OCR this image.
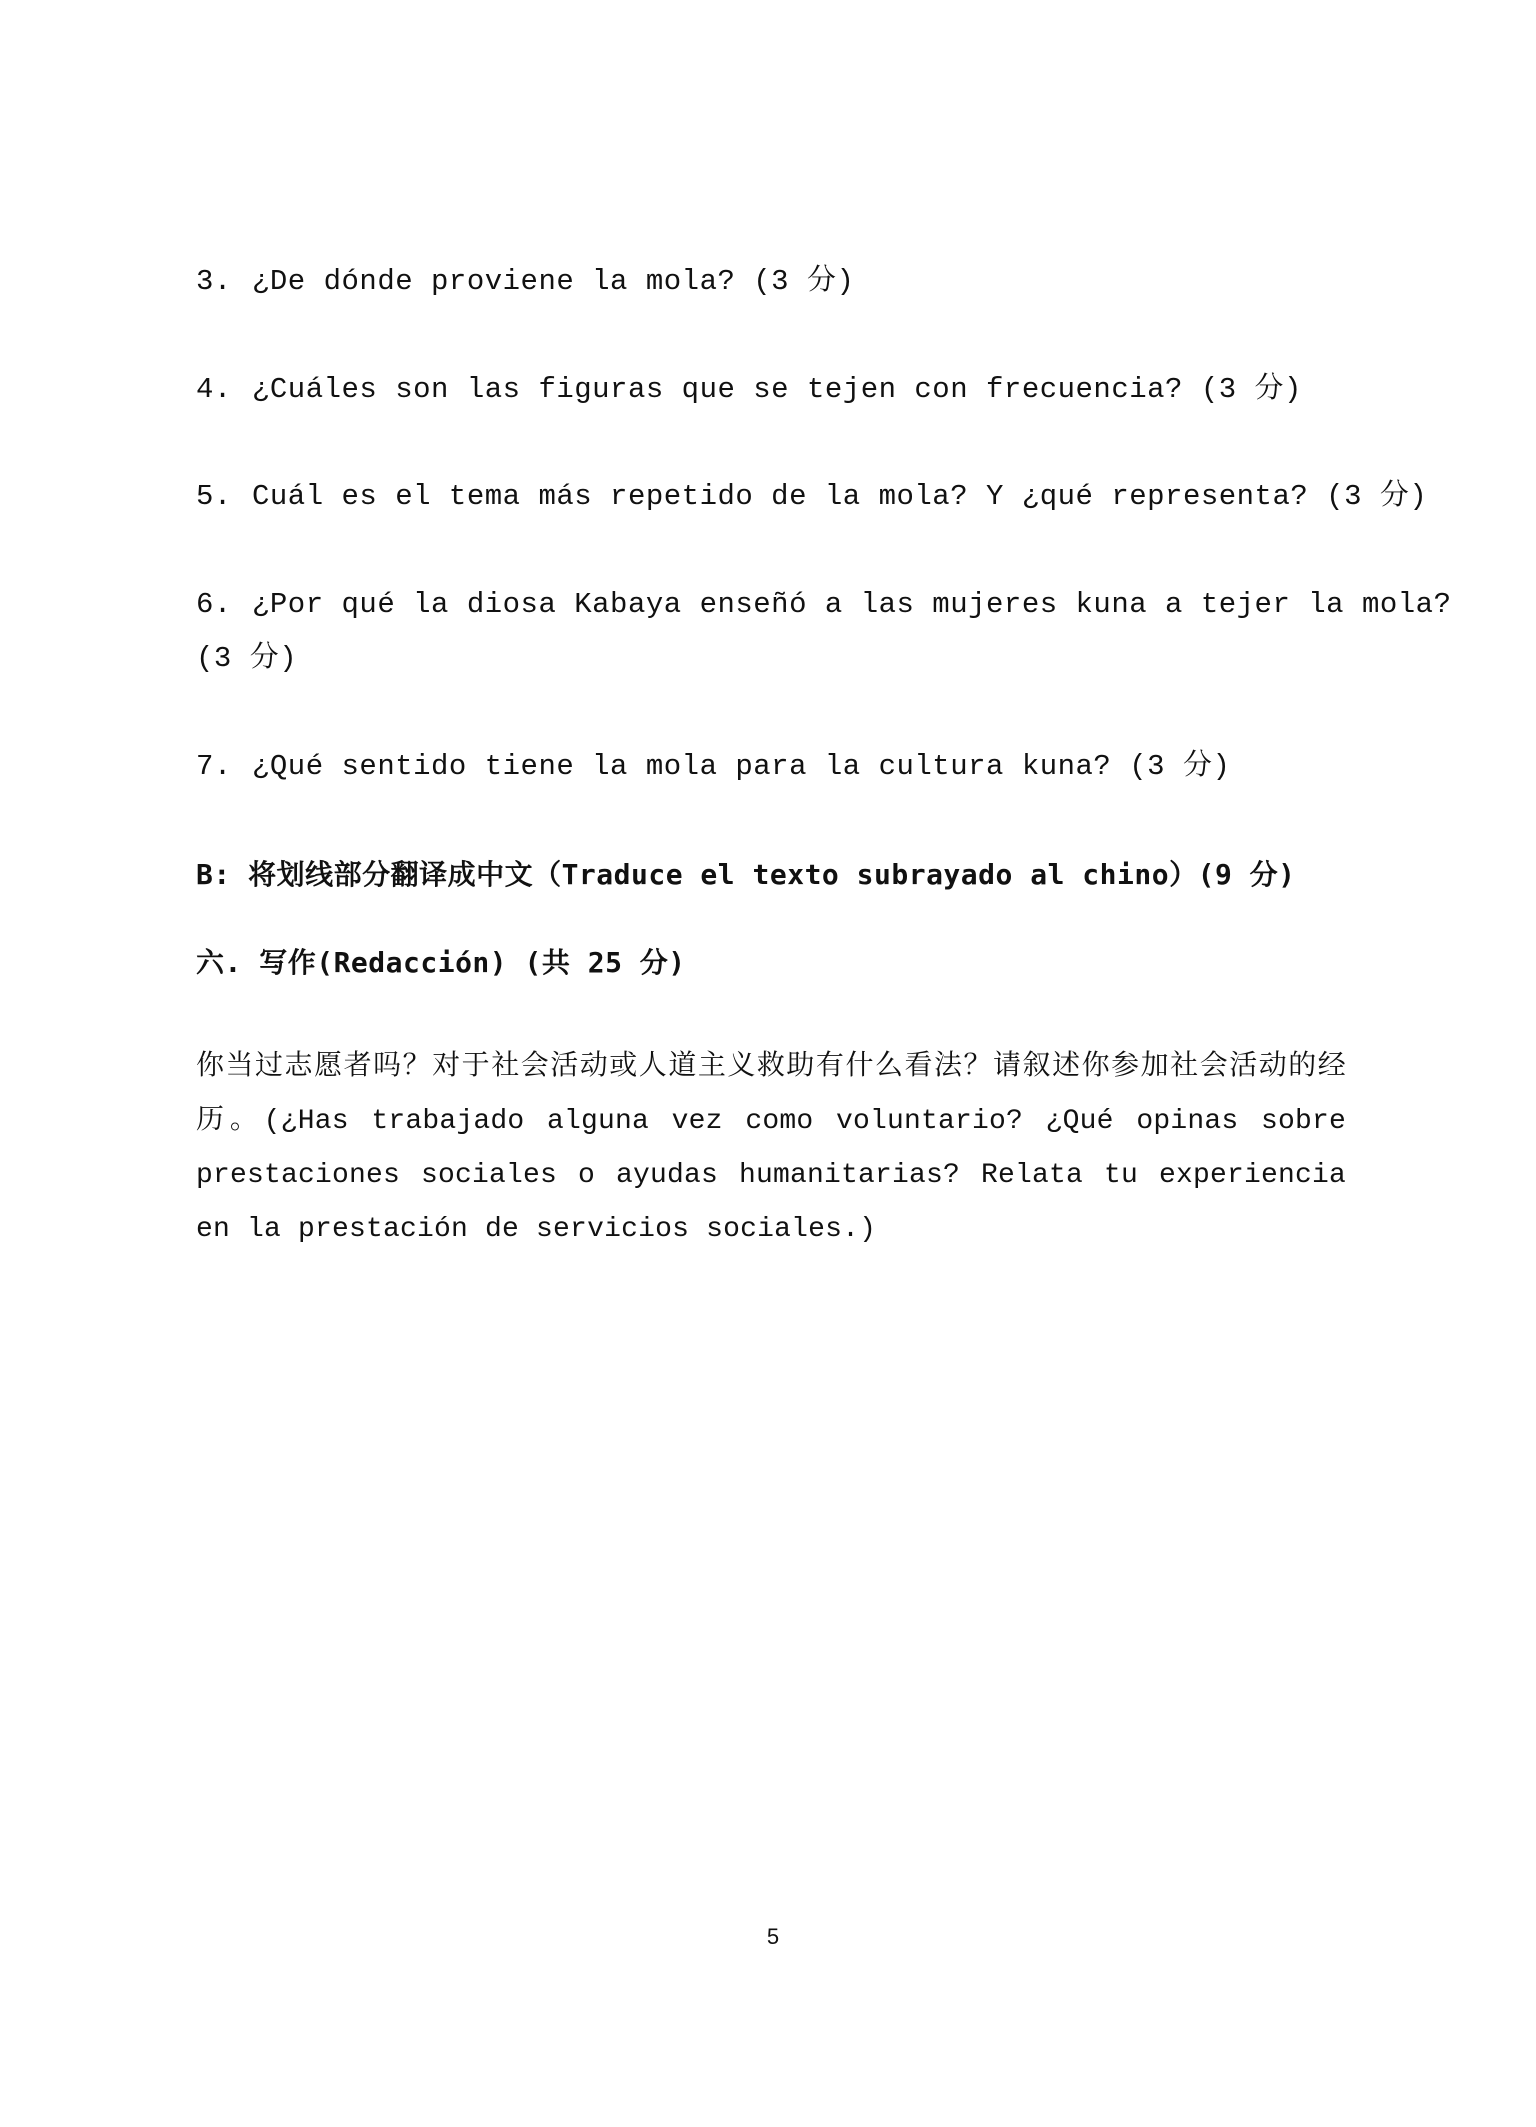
3. ¿De dónde proviene la mola? (3 分)
4. ¿Cuáles son las figuras que se tejen con frecuencia? (3 分)
5. Cuál es el tema más repetido de la mola? Y ¿qué representa? (3 分)
6. ¿Por qué la diosa Kabaya enseñó a las mujeres kuna a tejer la mola?
(3 分)
7. ¿Qué sentido tiene la mola para la cultura kuna? (3 分)
B: 将划线部分翻译成中文（Traduce el texto subrayado al chino）(9 分)
六. 写作(Redacción) (共 25 分)
你当过志愿者吗？对于社会活动或人道主义救助有什么看法？请叙述你参加社会活动的经历。(¿Has trabajado alguna vez como voluntario? ¿Qué opinas sobre prestaciones sociales o ayudas humanitarias? Relata tu experiencia en la prestación de servicios sociales.)
5
